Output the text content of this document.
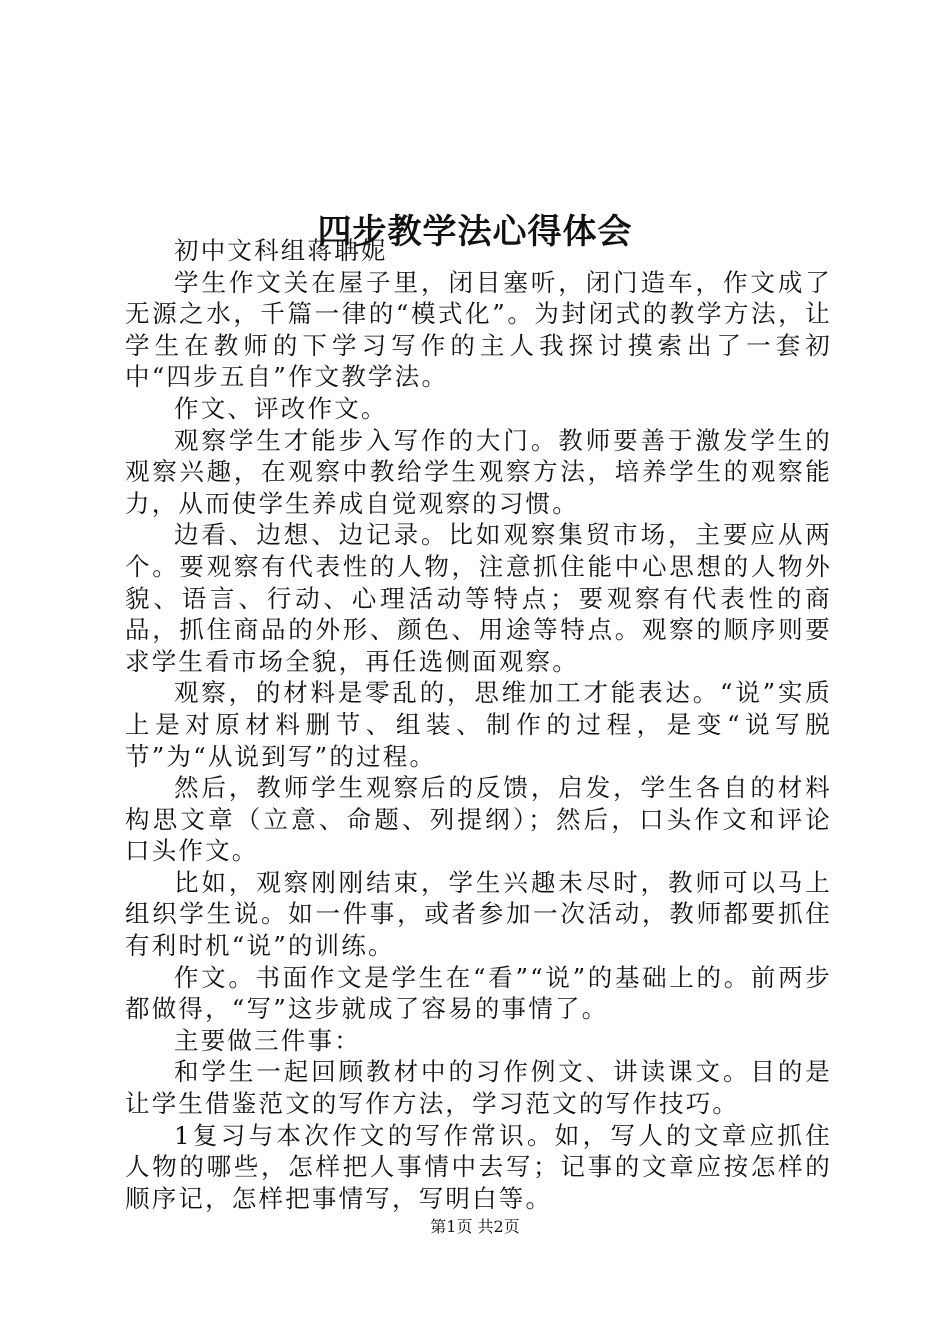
四步教学法心得体会

初中文科组蒋聃妮

学生作文关在屋子里，闭目塞听，闭门造车，作文成了无源之水，千篇一律的“模式化”。为封闭式的教学方法，让学生在教师的下学习写作的主人我探讨摸索出了一套初中“四步五自”作文教学法。

作文、评改作文。

观察学生才能步入写作的大门。教师要善于激发学生的观察兴趣，在观察中教给学生观察方法，培养学生的观察能力，从而使学生养成自觉观察的习惯。

边看、边想、边记录。比如观察集贸市场，主要应从两个。要观察有代表性的人物，注意抓住能中心思想的人物外貌、语言、行动、心理活动等特点；要观察有代表性的商品，抓住商品的外形、颜色、用途等特点。观察的顺序则要求学生看市场全貌，再任选侧面观察。

观察，的材料是零乱的，思维加工才能表达。“说”实质上是对原材料删节、组装、制作的过程，是变“说写脱节”为“从说到写”的过程。

然后，教师学生观察后的反馈，启发，学生各自的材料构思文章（立意、命题、列提纲）；然后，口头作文和评论口头作文。

比如，观察刚刚结束，学生兴趣未尽时，教师可以马上组织学生说。如一件事，或者参加一次活动，教师都要抓住有利时机“说”的训练。

作文。书面作文是学生在“看”“说”的基础上的。前两步都做得，“写”这步就成了容易的事情了。

主要做三件事：

和学生一起回顾教材中的习作例文、讲读课文。目的是让学生借鉴范文的写作方法，学习范文的写作技巧。

1复习与本次作文的写作常识。如，写人的文章应抓住人物的哪些，怎样把人事情中去写；记事的文章应按怎样的顺序记，怎样把事情写，写明白等。

第1页 共2页
